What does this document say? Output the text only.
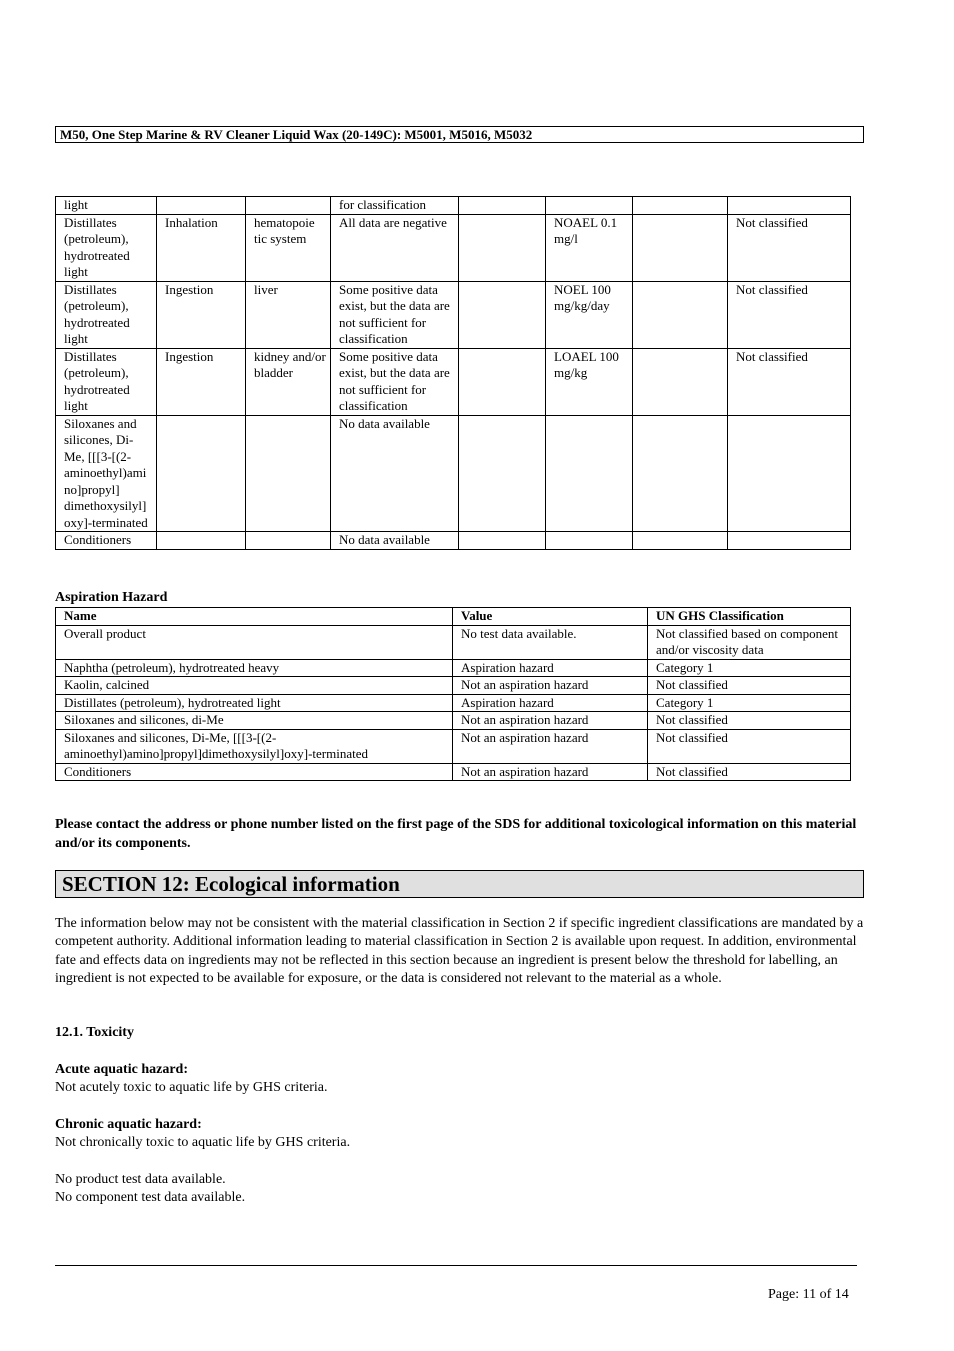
M50, One Step Marine & RV Cleaner Liquid Wax (20-149C): M5001, M5016, M5032
light			for classification				
Distillates (petroleum), hydrotreated light	Inhalation	hematopoie tic system	All data are negative		NOAEL 0.1 mg/l		Not classified
Distillates (petroleum), hydrotreated light	Ingestion	liver	Some positive data exist, but the data are not sufficient for classification		NOEL 100 mg/kg/day		Not classified
Distillates (petroleum), hydrotreated light	Ingestion	kidney and/or bladder	Some positive data exist, but the data are not sufficient for classification		LOAEL 100 mg/kg		Not classified
Siloxanes and silicones, Di-Me, [[[3-[(2-aminoethyl)amino]propyl] dimethoxysilyl]oxy]-terminated			No data available				
Conditioners			No data available				
Aspiration Hazard
Name	Value	UN GHS Classification
Overall product	No test data available.	Not classified based on component and/or viscosity data
Naphtha (petroleum), hydrotreated heavy	Aspiration hazard	Category 1
Kaolin, calcined	Not an aspiration hazard	Not classified
Distillates (petroleum), hydrotreated light	Aspiration hazard	Category 1
Siloxanes and silicones, di-Me	Not an aspiration hazard	Not classified
Siloxanes and silicones, Di-Me, [[[3-[(2-aminoethyl)amino]propyl]dimethoxysilyl]oxy]-terminated	Not an aspiration hazard	Not classified
Conditioners	Not an aspiration hazard	Not classified
Please contact the address or phone number listed on the first page of the SDS for additional toxicological information on this material and/or its components.
SECTION 12: Ecological information
The information below may not be consistent with the material classification in Section 2 if specific ingredient classifications are mandated by a competent authority. Additional information leading to material classification in Section 2 is available upon request. In addition, environmental fate and effects data on ingredients may not be reflected in this section because an ingredient is present below the threshold for labelling, an ingredient is not expected to be available for exposure, or the data is considered not relevant to the material as a whole.
12.1. Toxicity
Acute aquatic hazard:
Not acutely toxic to aquatic life by GHS criteria.
Chronic aquatic hazard:
Not chronically toxic to aquatic life by GHS criteria.
No product test data available.
No component test data available.
Page: 11 of 14
